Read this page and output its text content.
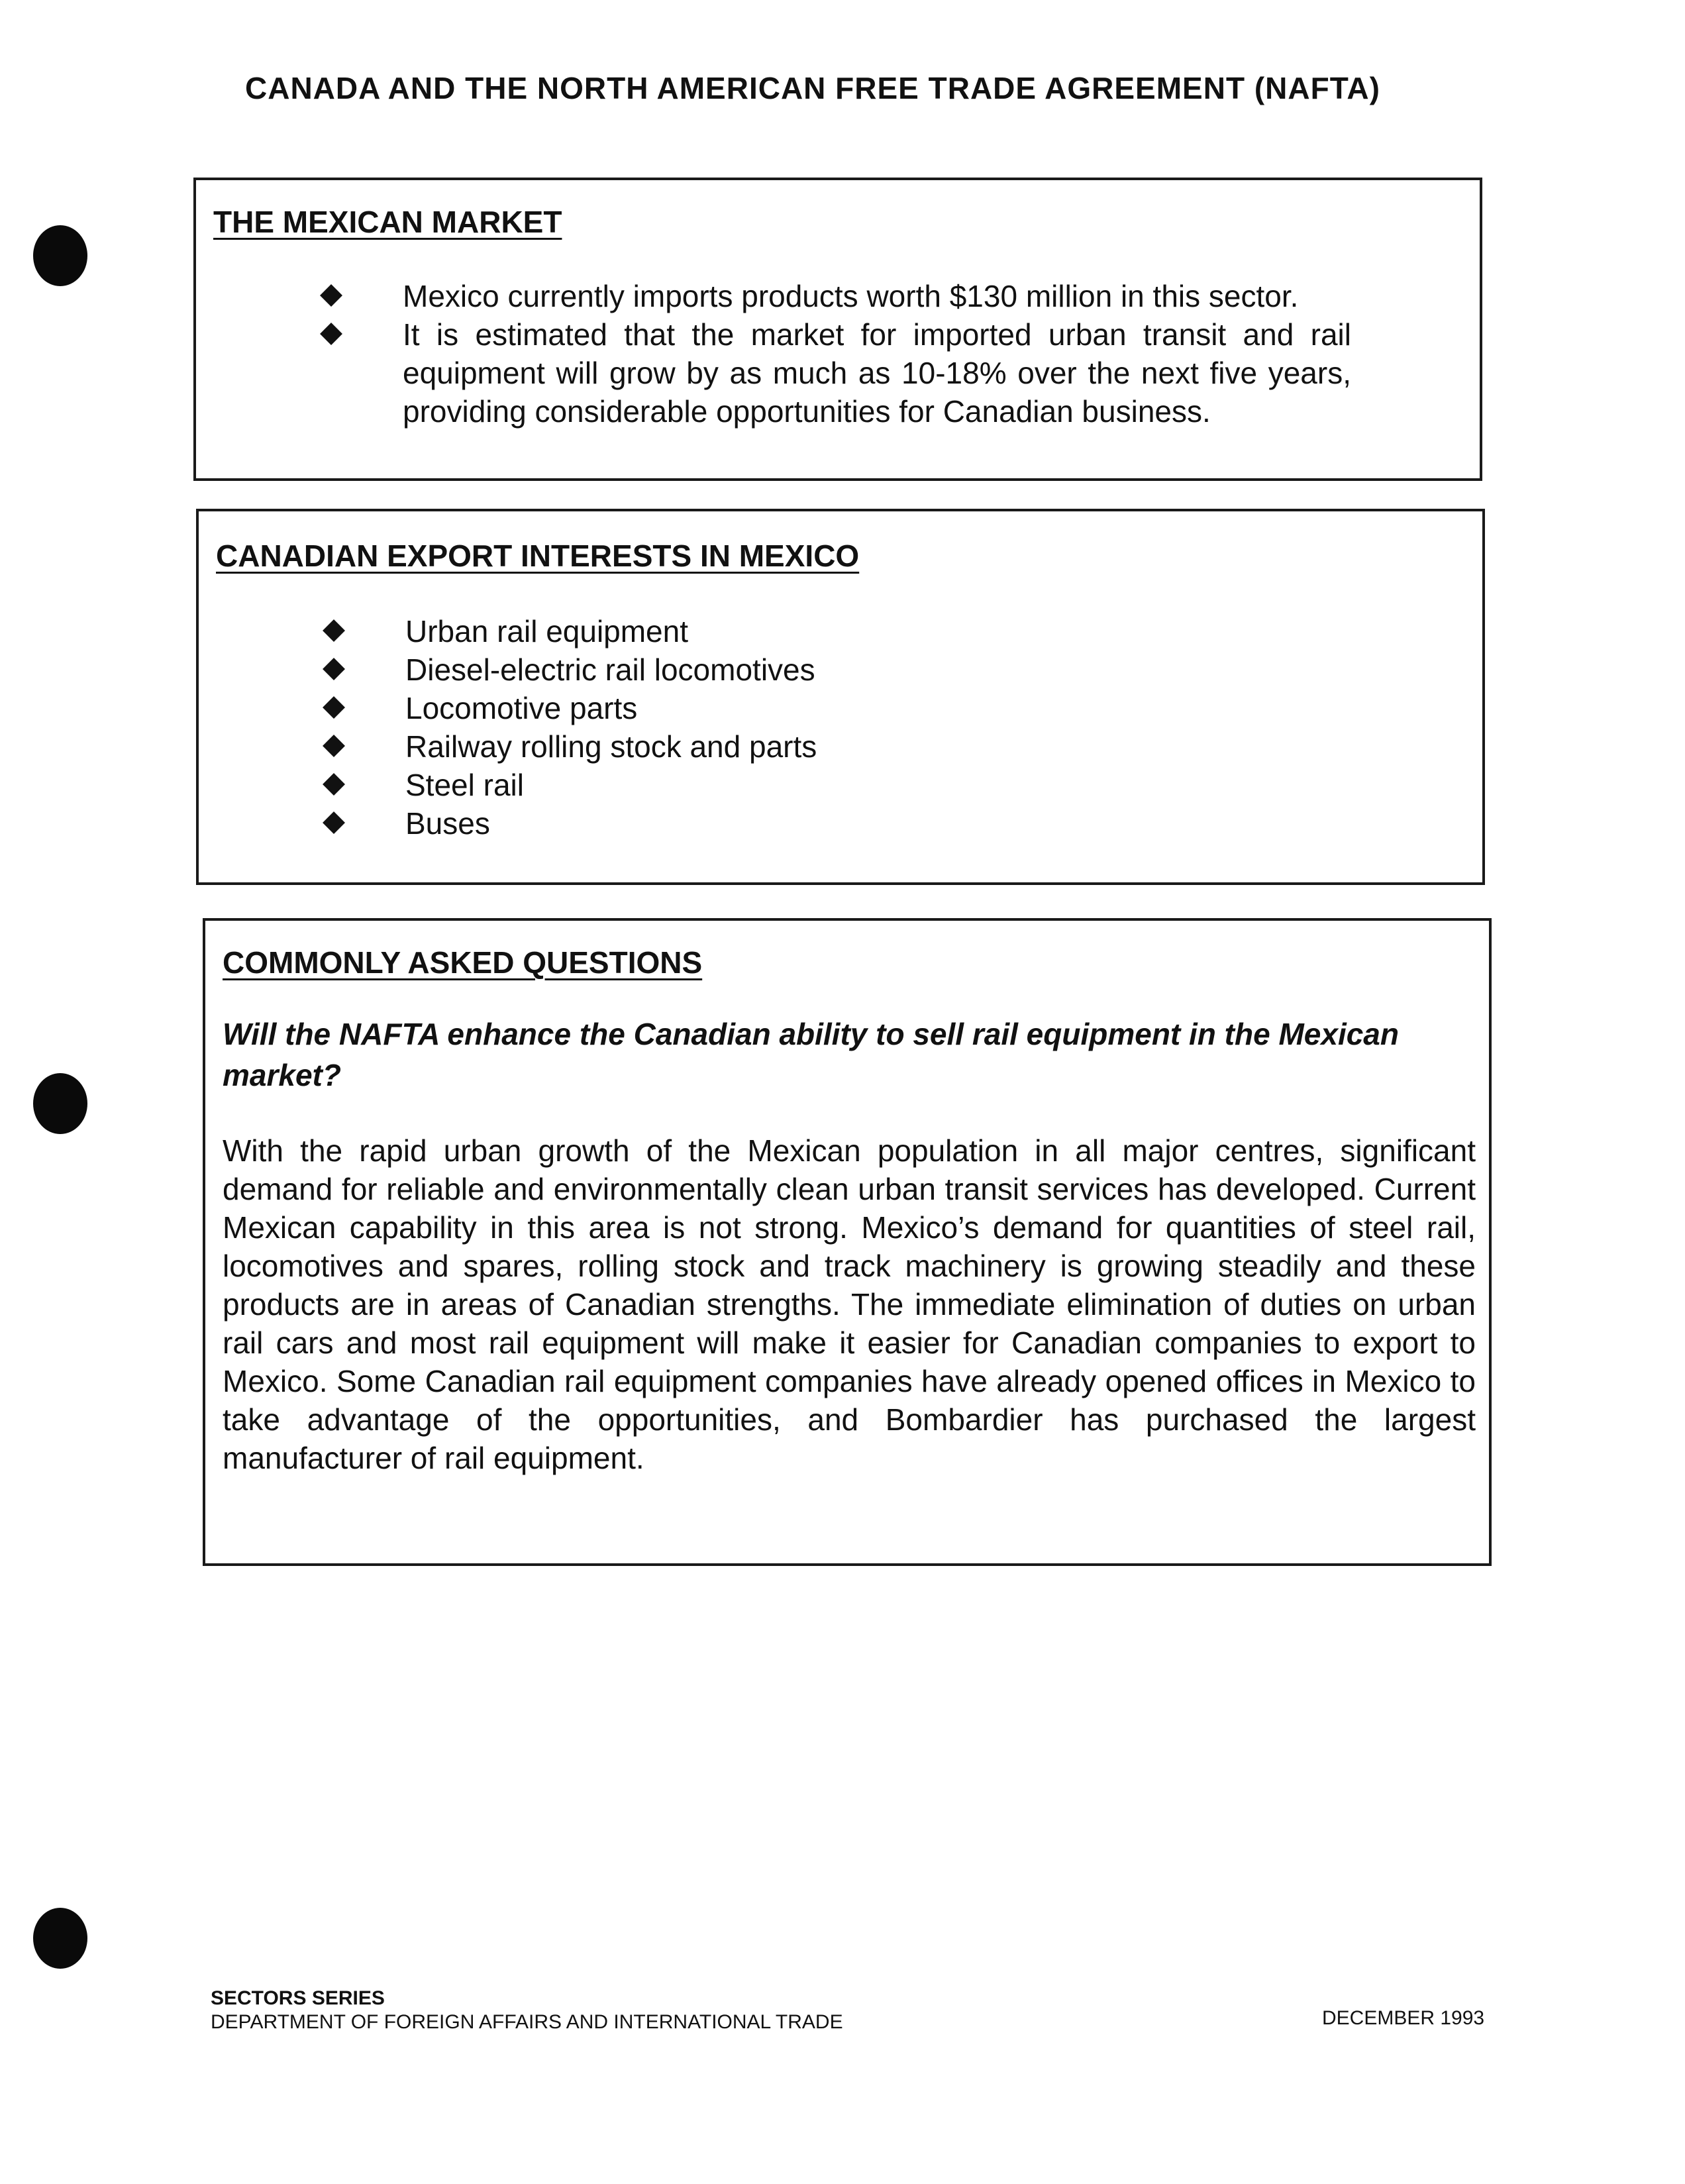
CANADA AND THE NORTH AMERICAN FREE TRADE AGREEMENT (NAFTA)
THE MEXICAN MARKET
Mexico currently imports products worth $130 million in this sector.
It is estimated that the market for imported urban transit and rail equipment will grow by as much as 10-18% over the next five years, providing considerable opportunities for Canadian business.
CANADIAN EXPORT INTERESTS IN MEXICO
Urban rail equipment
Diesel-electric rail locomotives
Locomotive parts
Railway rolling stock and parts
Steel rail
Buses
COMMONLY ASKED QUESTIONS
Will the NAFTA enhance the Canadian ability to sell rail equipment in the Mexican market?
With the rapid urban growth of the Mexican population in all major centres, significant demand for reliable and environmentally clean urban transit services has developed. Current Mexican capability in this area is not strong. Mexico’s demand for quantities of steel rail, locomotives and spares, rolling stock and track machinery is growing steadily and these products are in areas of Canadian strengths. The immediate elimination of duties on urban rail cars and most rail equipment will make it easier for Canadian companies to export to Mexico. Some Canadian rail equipment companies have already opened offices in Mexico to take advantage of the opportunities, and Bombardier has purchased the largest manufacturer of rail equipment.
SECTORS SERIES
DEPARTMENT OF FOREIGN AFFAIRS AND INTERNATIONAL TRADE	DECEMBER 1993
